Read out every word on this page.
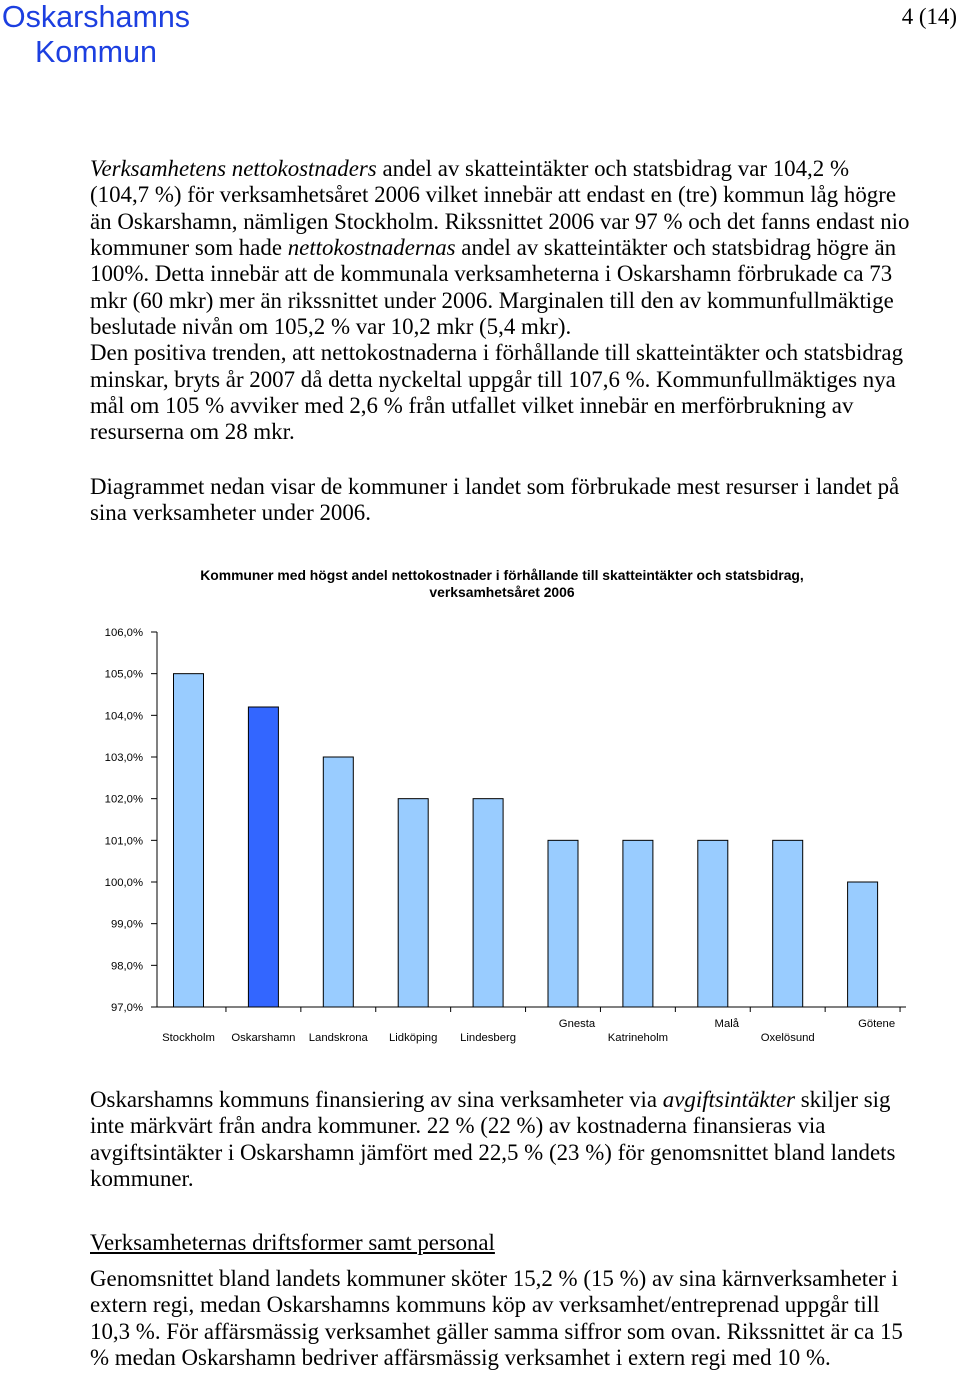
Oskarshamns
Kommun
4 (14)
Verksamhetens nettokostnaders andel av skatteintäkter och statsbidrag var 104,2 %
(104,7 %) för verksamhetsåret 2006 vilket innebär att endast en (tre) kommun låg högre
än Oskarshamn, nämligen Stockholm. Rikssnittet 2006 var 97 % och det fanns endast nio
kommuner som hade nettokostnadernas andel av skatteintäkter och statsbidrag högre än
100%. Detta innebär att de kommunala verksamheterna i Oskarshamn förbrukade ca 73
mkr (60 mkr) mer än rikssnittet under 2006. Marginalen till den av kommunfullmäktige
beslutade nivån om 105,2 % var 10,2 mkr (5,4 mkr).
Den positiva trenden, att nettokostnaderna i förhållande till skatteintäkter och statsbidrag
minskar, bryts år 2007 då detta nyckeltal uppgår till 107,6 %. Kommunfullmäktiges nya
mål om 105 % avviker med 2,6 % från utfallet vilket innebär en merförbrukning av
resurserna om 28 mkr.
Diagrammet nedan visar de kommuner i landet som förbrukade mest resurser i landet på
sina verksamheter under 2006.
Kommuner med högst andel nettokostnader i förhållande till skatteintäkter och statsbidrag,
verksamhetsåret 2006
106,0%
105,0%
104,0%
103,0%
102,0%
101,0%
100,0%
99,0%
98,0%
97,0%
Stockholm Oskarshamn Landskrona Lidköping Lindesberg
Gnesta
Katrineholm
Malå
Oxelösund
Götene
Oskarshamns kommuns finansiering av sina verksamheter via avgiftsintäkter skiljer sig
inte märkvärt från andra kommuner. 22 % (22 %) av kostnaderna finansieras via
avgiftsintäkter i Oskarshamn jämfört med 22,5 % (23 %) för genomsnittet bland landets
kommuner.
Verksamheternas driftsformer samt personal
Genomsnittet bland landets kommuner sköter 15,2 % (15 %) av sina kärnverksamheter i
extern regi, medan Oskarshamns kommuns köp av verksamhet/entreprenad uppgår till
10,3 %. För affärsmässig verksamhet gäller samma siffror som ovan. Rikssnittet är ca 15
% medan Oskarshamn bedriver affärsmässig verksamhet i extern regi med 10 %.
